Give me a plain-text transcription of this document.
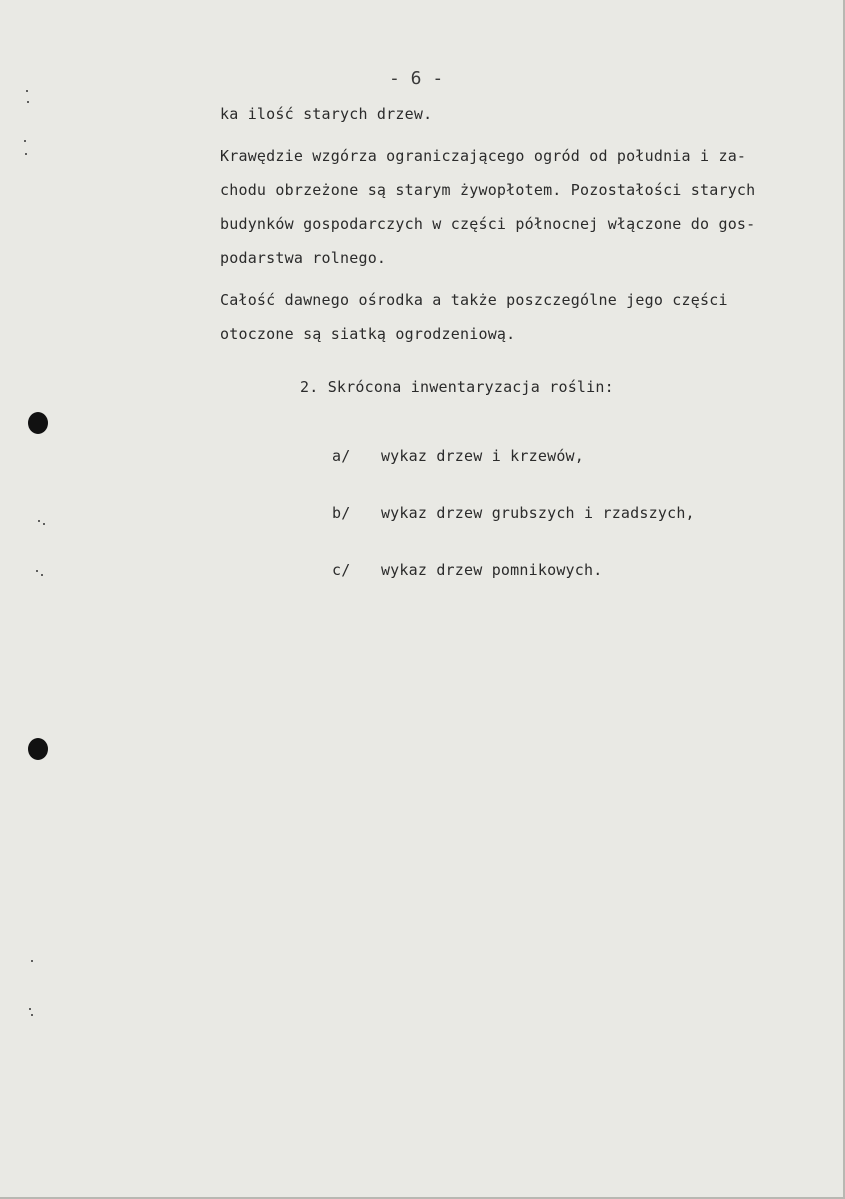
- 6 -
ka ilość starych drzew.
Krawędzie wzgórza ograniczającego ogród od południa i za-
chodu obrzeżone są starym żywopłotem. Pozostałości starych
budynków gospodarczych w części północnej włączone do gos-
podarstwa rolnego.
Całość dawnego ośrodka a także poszczególne jego części
otoczone są siatką ogrodzeniową.
2. Skrócona inwentaryzacja roślin:
a/ wykaz drzew i krzewów,
b/ wykaz drzew grubszych i rzadszych,
c/ wykaz drzew pomnikowych.
